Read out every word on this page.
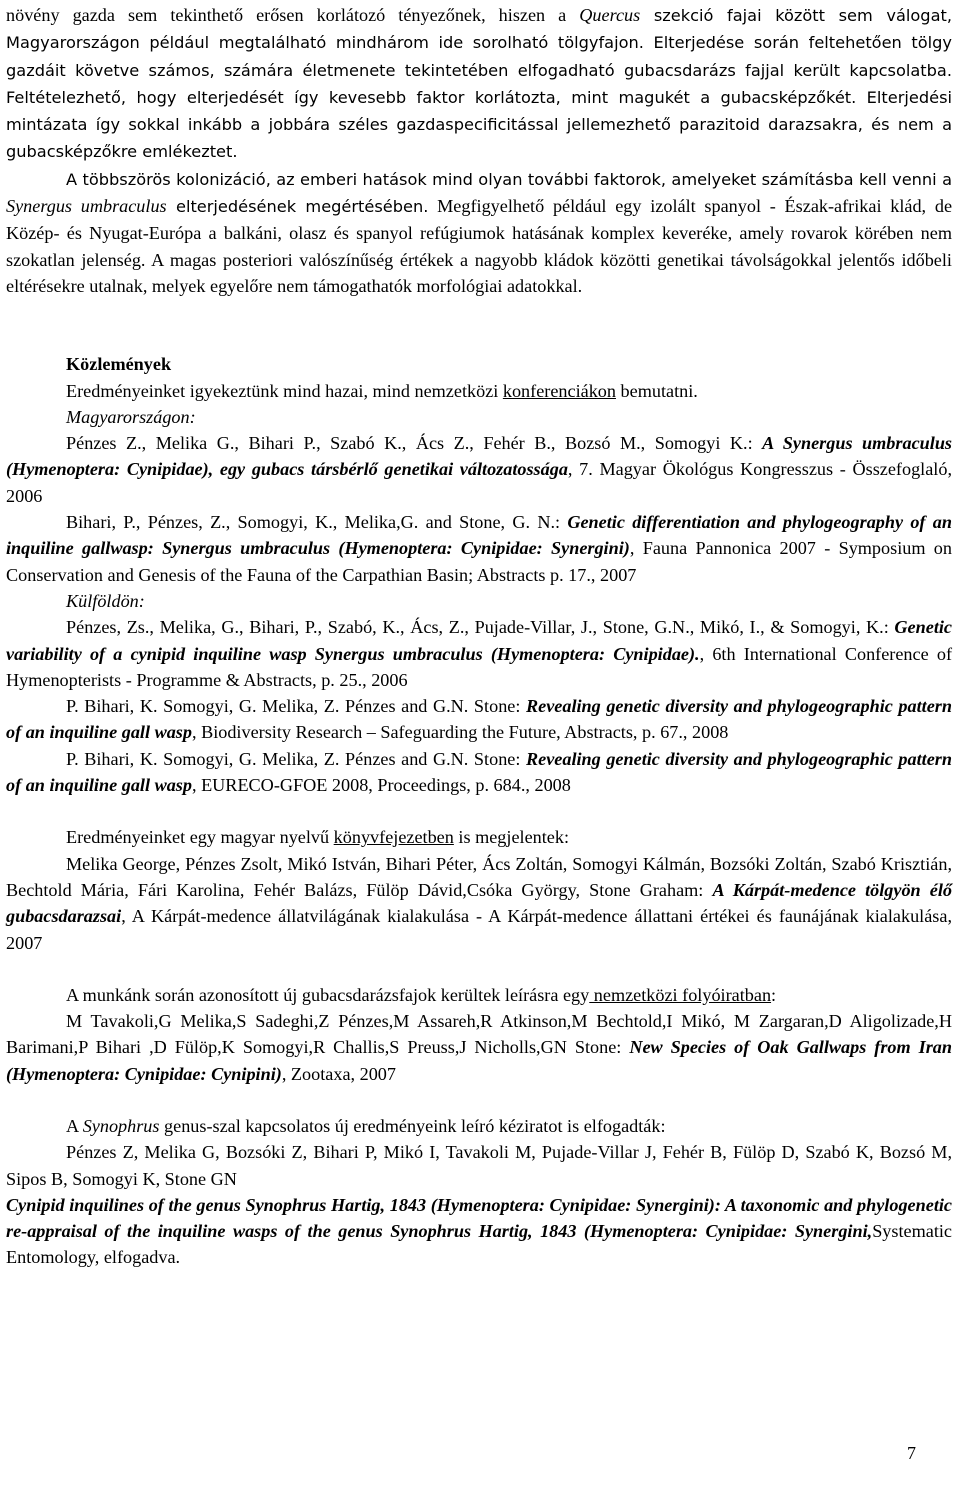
növény gazda sem tekinthető erősen korlátozó tényezőnek, hiszen a Quercus szekció fajai között sem válogat, Magyarországon például megtalálható mindhárom ide sorolható tölgyfajon. Elterjedése során feltehetően tölgy gazdáit követve számos, számára életmenete tekintetében elfogadható gubacsdarázs fajjal került kapcsolatba. Feltételezhető, hogy elterjedését így kevesebb faktor korlátozta, mint magukét a gubacsképzőkét. Elterjedési mintázata így sokkal inkább a jobbára széles gazdaspecificitással jellemezhető parazitoid darazsakra, és nem a gubacsképzőkre emlékeztet.

A többszörös kolonizáció, az emberi hatások mind olyan további faktorok, amelyeket számításba kell venni a Synergus umbraculus elterjedésének megértésében. Megfigyelhető például egy izolált spanyol - Észak-afrikai klád, de Közép- és Nyugat-Európa a balkáni, olasz és spanyol refúgiumok hatásának komplex keveréke, amely rovarok körében nem szokatlan jelenség. A magas posteriori valószínűség értékek a nagyobb kládok közötti genetikai távolságokkal jelentős időbeli eltérésekre utalnak, melyek egyelőre nem támogathatók morfológiai adatokkal.

Közlemények

Eredményeinket igyekeztünk mind hazai, mind nemzetközi konferenciákon bemutatni.

Magyarországon:

Pénzes Z., Melika G., Bihari P., Szabó K., Ács Z., Fehér B., Bozsó M., Somogyi K.: A Synergus umbraculus (Hymenoptera: Cynipidae), egy gubacs társbérlő genetikai változatossága, 7. Magyar Ökológus Kongresszus - Összefoglaló, 2006

Bihari, P., Pénzes, Z., Somogyi, K., Melika,G. and Stone, G. N.: Genetic differentiation and phylogeography of an inquiline gallwasp: Synergus umbraculus (Hymenoptera: Cynipidae: Synergini), Fauna Pannonica 2007 - Symposium on Conservation and Genesis of the Fauna of the Carpathian Basin; Abstracts p. 17., 2007

Külföldön:

Pénzes, Zs., Melika, G., Bihari, P., Szabó, K., Ács, Z., Pujade-Villar, J., Stone, G.N., Mikó, I., & Somogyi, K.: Genetic variability of a cynipid inquiline wasp Synergus umbraculus (Hymenoptera: Cynipidae)., 6th International Conference of Hymenopterists - Programme & Abstracts, p. 25., 2006

P. Bihari, K. Somogyi, G. Melika, Z. Pénzes and G.N. Stone: Revealing genetic diversity and phylogeographic pattern of an inquiline gall wasp, Biodiversity Research – Safeguarding the Future, Abstracts, p. 67., 2008

P. Bihari, K. Somogyi, G. Melika, Z. Pénzes and G.N. Stone: Revealing genetic diversity and phylogeographic pattern of an inquiline gall wasp, EURECO-GFOE 2008, Proceedings, p. 684., 2008

Eredményeinket egy magyar nyelvű könyvfejezetben is megjelentek:

Melika George, Pénzes Zsolt, Mikó István, Bihari Péter, Ács Zoltán, Somogyi Kálmán, Bozsóki Zoltán, Szabó Krisztián, Bechtold Mária, Fári Karolina, Fehér Balázs, Fülöp Dávid,Csóka György, Stone Graham: A Kárpát-medence tölgyön élő gubacsdarazsai, A Kárpát-medence állatvilágának kialakulása - A Kárpát-medence állattani értékei és faunájának kialakulása, 2007

A munkánk során azonosított új gubacsdarázsfajok kerültek leírásra egy nemzetközi folyóiratban:

M Tavakoli,G Melika,S Sadeghi,Z Pénzes,M Assareh,R Atkinson,M Bechtold,I Mikó, M Zargaran,D Aligolizade,H Barimani,P Bihari ,D Fülöp,K Somogyi,R Challis,S Preuss,J Nicholls,GN Stone: New Species of Oak Gallwaps from Iran (Hymenoptera: Cynipidae: Cynipini), Zootaxa, 2007

A Synophrus genus-szal kapcsolatos új eredményeink leíró kéziratot is elfogadták:

Pénzes Z, Melika G, Bozsóki Z, Bihari P, Mikó I, Tavakoli M, Pujade-Villar J, Fehér B, Fülöp D, Szabó K, Bozsó M, Sipos B, Somogyi K, Stone GN

Cynipid inquilines of the genus Synophrus Hartig, 1843 (Hymenoptera: Cynipidae: Synergini): A taxonomic and phylogenetic re-appraisal of the inquiline wasps of the genus Synophrus Hartig, 1843 (Hymenoptera: Cynipidae: Synergini,Systematic Entomology, elfogadva.

7
